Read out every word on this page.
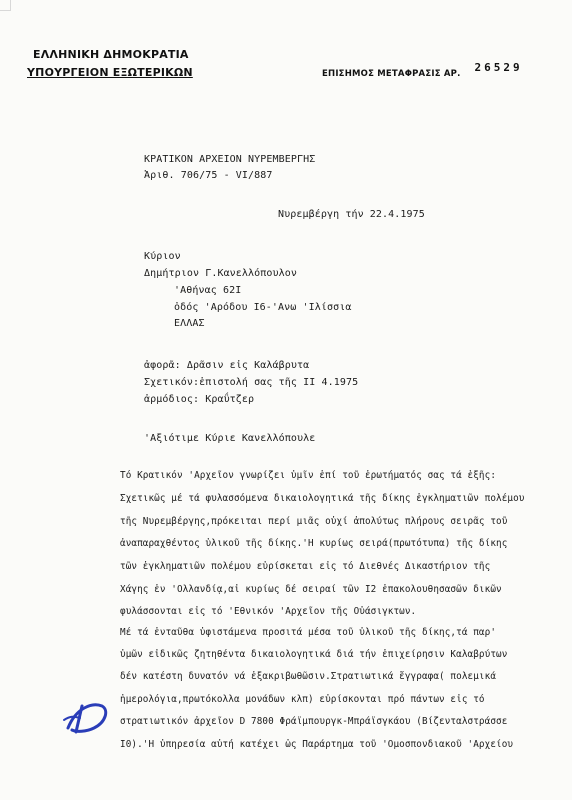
ΕΛΛΗΝΙΚΗ ΔΗΜΟΚΡΑΤΙΑ
ΥΠΟΥΡΓΕΙΟΝ ΕΞΩΤΕΡΙΚΩΝ	ΕΠΙΣΗΜΟΣ ΜΕΤΑΦΡΑΣΙΣ ΑΡ. 26529
ΚΡΑΤΙΚΟΝ ΑΡΧΕΙΟΝ ΝΥΡΕΜΒΕΡΓΗΣ
Ἀριθ. 706/75 - VI/887
Νυρεμβέργη τήν 22.4.1975
Κύριον
Δημήτριον Γ.Κανελλόπουλον
'Αθήνας 62Ι
ὁδός 'Αρόδου Ι6-'Ανω 'Ιλίσσια
ΕΛΛΑΣ
ἀφορᾶ: Δρᾶσιν εἰς Καλάβρυτα
Σχετικόν:ἐπιστολή σας τῆς ΙΙ 4.1975
ἁρμόδιος: Κραΰτζερ
'Αξιότιμε Κύριε Κανελλόπουλε
Τό Κρατικόν 'Αρχεῖον γνωρίζει ὑμῖν ἐπί τοῦ ἐρωτήματός σας τά ἑξῆς:
Σχετικῶς μέ τά φυλασσόμενα δικαιολογητικά τῆς δίκης ἐγκληματιῶν πολέμου
τῆς Νυρεμβέργης,πρόκειται περί μιᾶς οὐχί ἀπολύτως πλήρους σειρᾶς τοῦ
ἀναπαραχθέντος ὑλικοῦ τῆς δίκης.'Η κυρίως σειρά(πρωτότυπα) τῆς δίκης
τῶν ἐγκληματιῶν πολέμου εὑρίσκεται εἰς τό Διεθνές Δικαστήριον τῆς
Χάγης ἐν 'Ολλανδίᾳ,αἱ κυρίως δέ σειραί τῶν Ι2 ἐπακολουθησασῶν δικῶν
φυλάσσονται εἰς τό 'Εθνικόν 'Αρχεῖον τῆς Οὐάσιγκτων.
Μέ τά ἐνταῦθα ὑφιστάμενα προσιτά μέσα τοῦ ὑλικοῦ τῆς δίκης,τά παρ'
ὑμῶν εἰδικῶς ζητηθέντα δικαιολογητικά διά τήν ἐπιχείρησιν Καλαβρύτων
δέν κατέστη δυνατόν νά ἐξακριβωθῶσιν.Στρατιωτικά ἔγγραφα( πολεμικά
ἡμερολόγια,πρωτόκολλα μονάδων κλπ) εὑρίσκονται πρό πάντων εἰς τό
στρατιωτικόν ἀρχεῖον D 7800 Φράϊμπουργκ-Μπράϊσγκάου (Βίζενταλστράσσε
Ι0).'Η ὑπηρεσία αὐτή κατέχει ὡς Παράρτημα τοῦ 'Ομοσπονδιακοῦ 'Αρχείου
